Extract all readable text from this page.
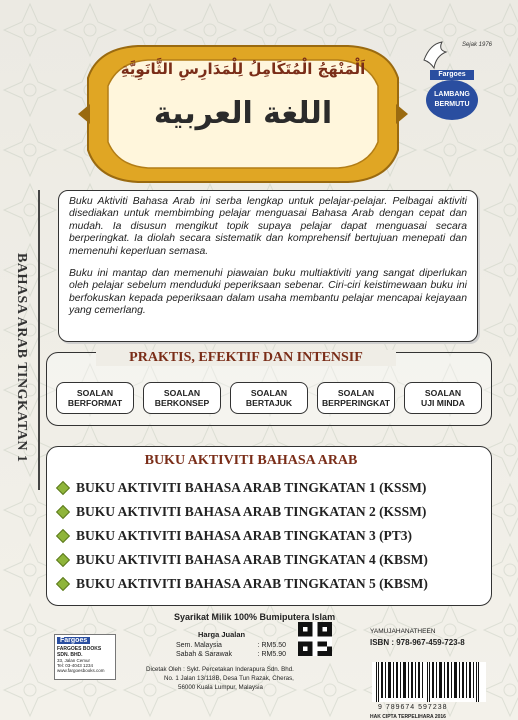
BAHASA ARAB TINGKATAN 1
اَلْمَنْهَجُ الْمُتَكَامِلُ لِلْمَدَارِسِ الثَّانَوِيَّةِ
اللغة العربية
Sejak 1976
Fargoes
LAMBANG
BERMUTU

Buku Aktiviti Bahasa Arab ini serba lengkap untuk pelajar-pelajar. Pelbagai aktiviti disediakan untuk membimbing pelajar menguasai Bahasa Arab dengan cepat dan mudah. Ia disusun mengikut topik supaya pelajar dapat menguasai secara berperingkat. Ia diolah secara sistematik dan komprehensif bertujuan menepati dan memenuhi keperluan semasa.

Buku ini mantap dan memenuhi piawaian buku multiaktiviti yang sangat diperlukan oleh pelajar sebelum menduduki peperiksaan sebenar. Ciri-ciri keistimewaan buku ini berfokuskan kepada peperiksaan dalam usaha membantu pelajar mencapai kejayaan yang cemerlang.

PRAKTIS, EFEKTIF DAN INTENSIF
SOALAN
BERFORMAT
SOALAN
BERKONSEP
SOALAN
BERTAJUK
SOALAN
BERPERINGKAT
SOALAN
UJI MINDA
BUKU AKTIVITI BAHASA ARAB
BUKU AKTIVITI BAHASA ARAB TINGKATAN 1 (KSSM)
BUKU AKTIVITI BAHASA ARAB TINGKATAN 2 (KSSM)
BUKU AKTIVITI BAHASA ARAB TINGKATAN 3 (PT3)
BUKU AKTIVITI BAHASA ARAB TINGKATAN 4 (KBSM)
BUKU AKTIVITI BAHASA ARAB TINGKATAN 5 (KBSM)
Fargoes
FARGOES BOOKS SDN. BHD.
33, Jalan Cemur
Tel: 03-4043 1234
www.fargoesbooks.com
Syarikat Milik 100% Bumiputera Islam
Harga Jualan
Sem. Malaysia	: RM5.50
Sabah & Sarawak	: RM5.90
Dicetak Oleh : Sykt. Percetakan Inderapura Sdn. Bhd.
No. 1 Jalan 13/118B, Desa Tun Razak, Cheras,
56000 Kuala Lumpur, Malaysia
YAMUJAHANATHEEN
ISBN : 978-967-459-723-8
9 789674 597238
HAK CIPTA TERPELIHARA 2016
